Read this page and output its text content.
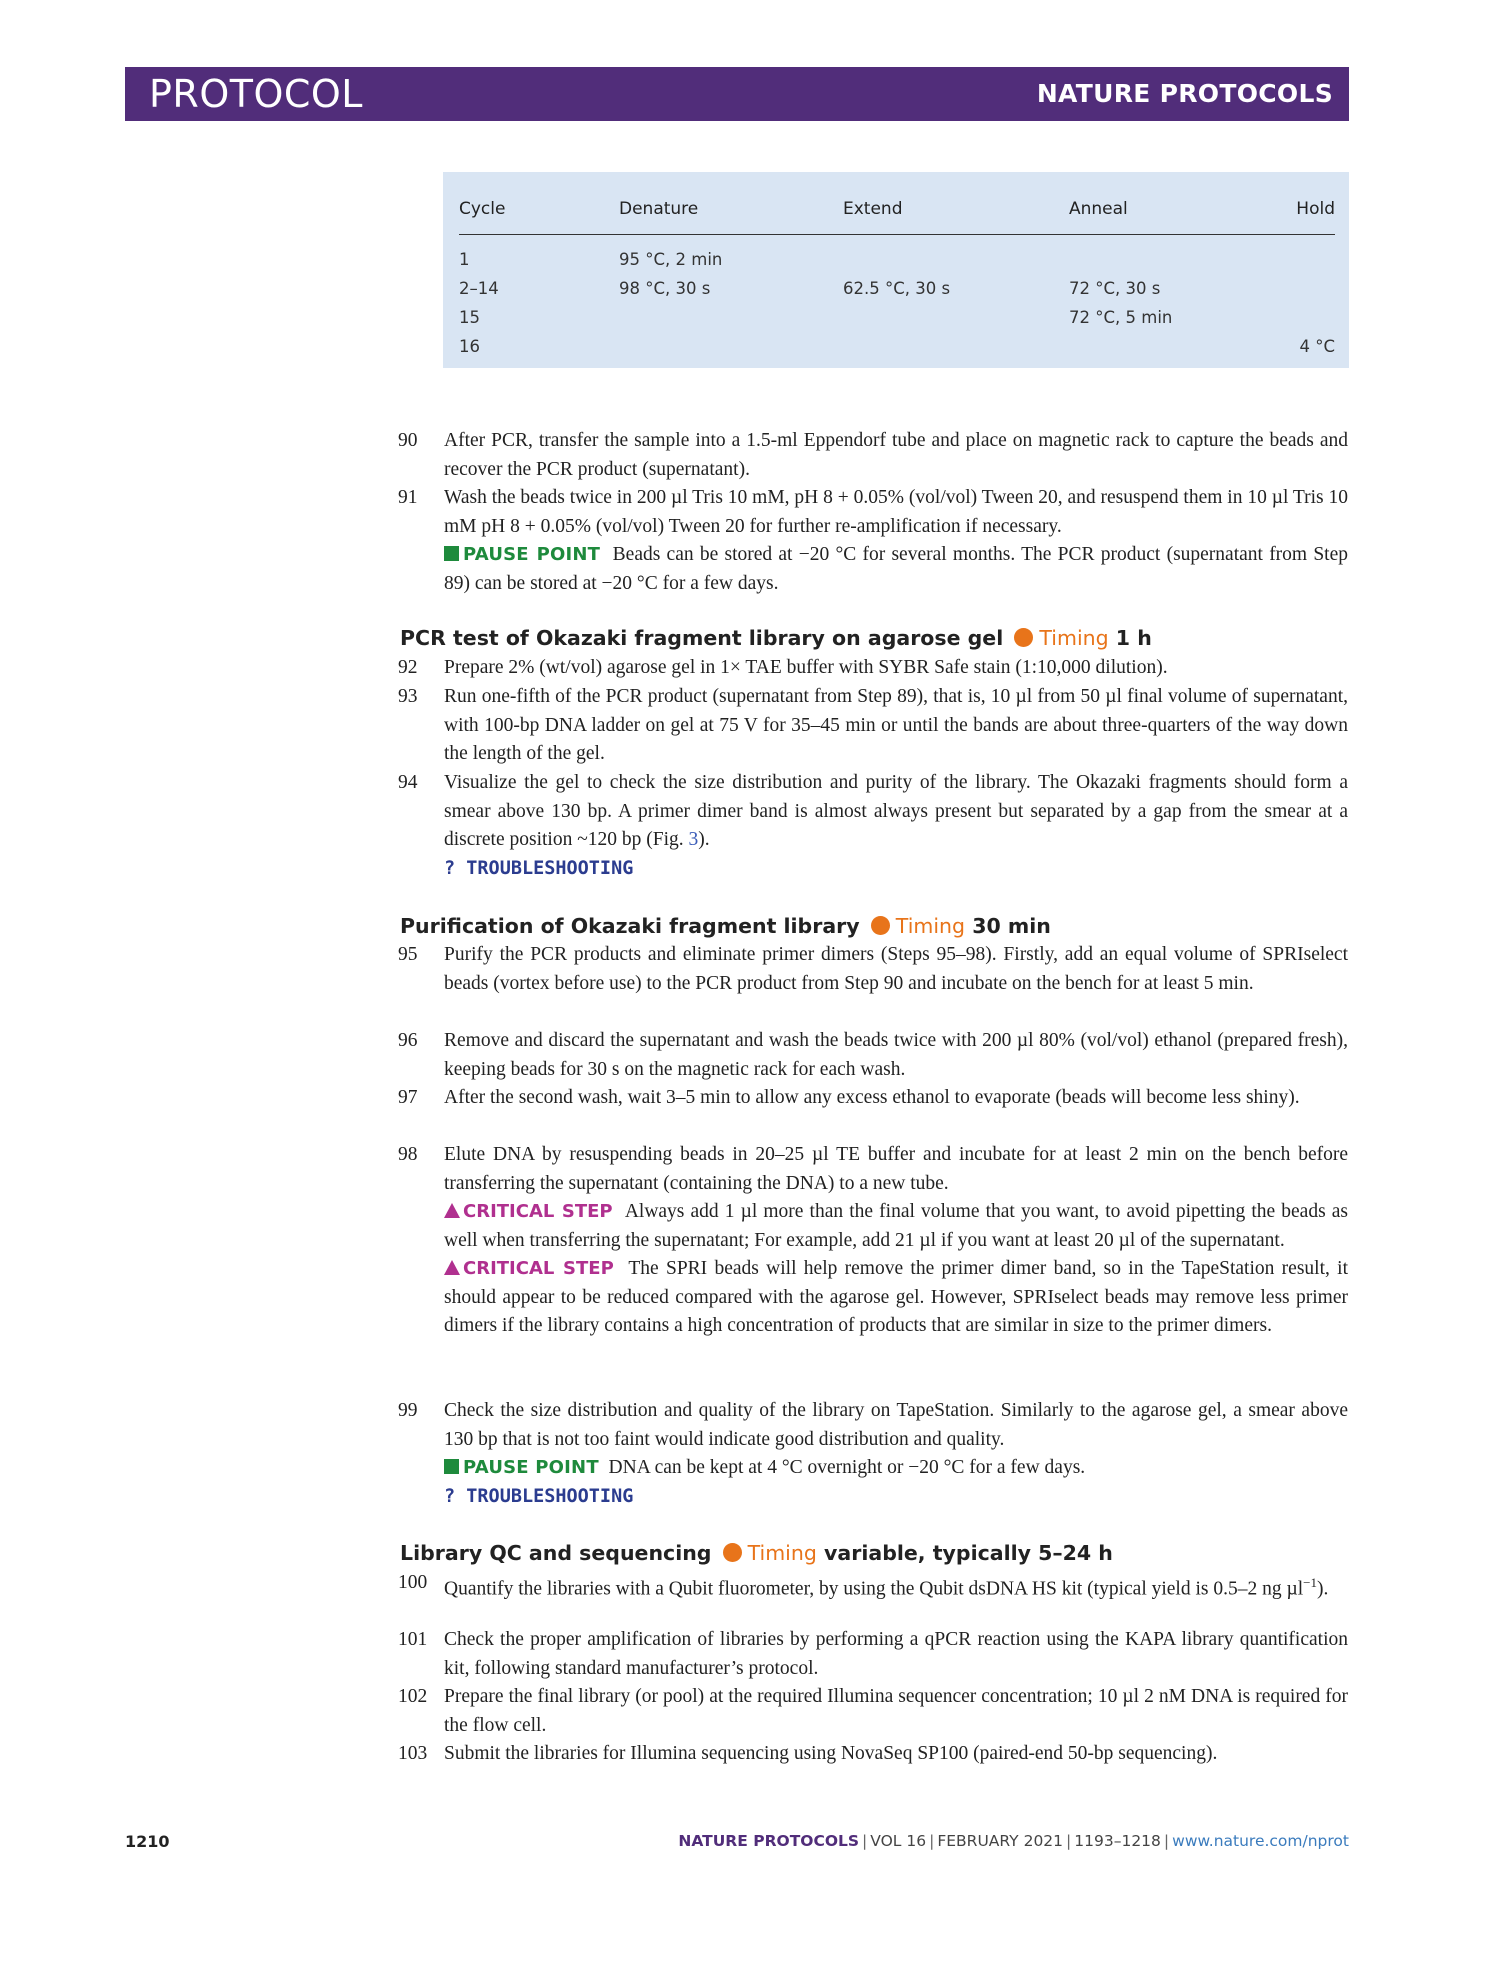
PROTOCOL	NATURE PROTOCOLS
Cycle	Denature	Extend	Anneal	Hold
1	95 °C, 2 min			
2–14	98 °C, 30 s	62.5 °C, 30 s	72 °C, 30 s	
15			72 °C, 5 min	
16				4 °C
90	After PCR, transfer the sample into a 1.5-ml Eppendorf tube and place on magnetic rack to capture the beads and recover the PCR product (supernatant).

91	Wash the beads twice in 200 µl Tris 10 mM, pH 8 + 0.05% (vol/vol) Tween 20, and resuspend them in 10 µl Tris 10 mM pH 8 + 0.05% (vol/vol) Tween 20 for further re-amplification if necessary.

PAUSE POINT Beads can be stored at −20 °C for several months. The PCR product (supernatant from Step 89) can be stored at −20 °C for a few days.

PCR test of Okazaki fragment library on agarose gel Timing 1 h
92	Prepare 2% (wt/vol) agarose gel in 1× TAE buffer with SYBR Safe stain (1:10,000 dilution).

93	Run one-fifth of the PCR product (supernatant from Step 89), that is, 10 µl from 50 µl final volume of supernatant, with 100-bp DNA ladder on gel at 75 V for 35–45 min or until the bands are about three-quarters of the way down the length of the gel.

94	Visualize the gel to check the size distribution and purity of the library. The Okazaki fragments should form a smear above 130 bp. A primer dimer band is almost always present but separated by a gap from the smear at a discrete position ~120 bp (Fig. 3).

? TROUBLESHOOTING

Purification of Okazaki fragment library Timing 30 min
95	Purify the PCR products and eliminate primer dimers (Steps 95–98). Firstly, add an equal volume of SPRIselect beads (vortex before use) to the PCR product from Step 90 and incubate on the bench for at least 5 min.

96	Remove and discard the supernatant and wash the beads twice with 200 µl 80% (vol/vol) ethanol (prepared fresh), keeping beads for 30 s on the magnetic rack for each wash.

97	After the second wash, wait 3–5 min to allow any excess ethanol to evaporate (beads will become less shiny).

98	Elute DNA by resuspending beads in 20–25 µl TE buffer and incubate for at least 2 min on the bench before transferring the supernatant (containing the DNA) to a new tube.

CRITICAL STEP Always add 1 µl more than the final volume that you want, to avoid pipetting the beads as well when transferring the supernatant; For example, add 21 µl if you want at least 20 µl of the supernatant.

CRITICAL STEP The SPRI beads will help remove the primer dimer band, so in the TapeStation result, it should appear to be reduced compared with the agarose gel. However, SPRIselect beads may remove less primer dimers if the library contains a high concentration of products that are similar in size to the primer dimers.

99	Check the size distribution and quality of the library on TapeStation. Similarly to the agarose gel, a smear above 130 bp that is not too faint would indicate good distribution and quality.

PAUSE POINT DNA can be kept at 4 °C overnight or −20 °C for a few days.

? TROUBLESHOOTING

Library QC and sequencing Timing variable, typically 5–24 h
100 Quantify the libraries with a Qubit fluorometer, by using the Qubit dsDNA HS kit (typical yield is 0.5–2 ng µl$^{-1}$).

101 Check the proper amplification of libraries by performing a qPCR reaction using the KAPA library quantification kit, following standard manufacturer’s protocol.

102 Prepare the final library (or pool) at the required Illumina sequencer concentration; 10 µl 2 nM DNA is required for the flow cell.

103 Submit the libraries for Illumina sequencing using NovaSeq SP100 (paired-end 50-bp sequencing).

1210	NATURE PROTOCOLS | VOL 16 | FEBRUARY 2021 | 1193–1218 | www.nature.com/nprot
